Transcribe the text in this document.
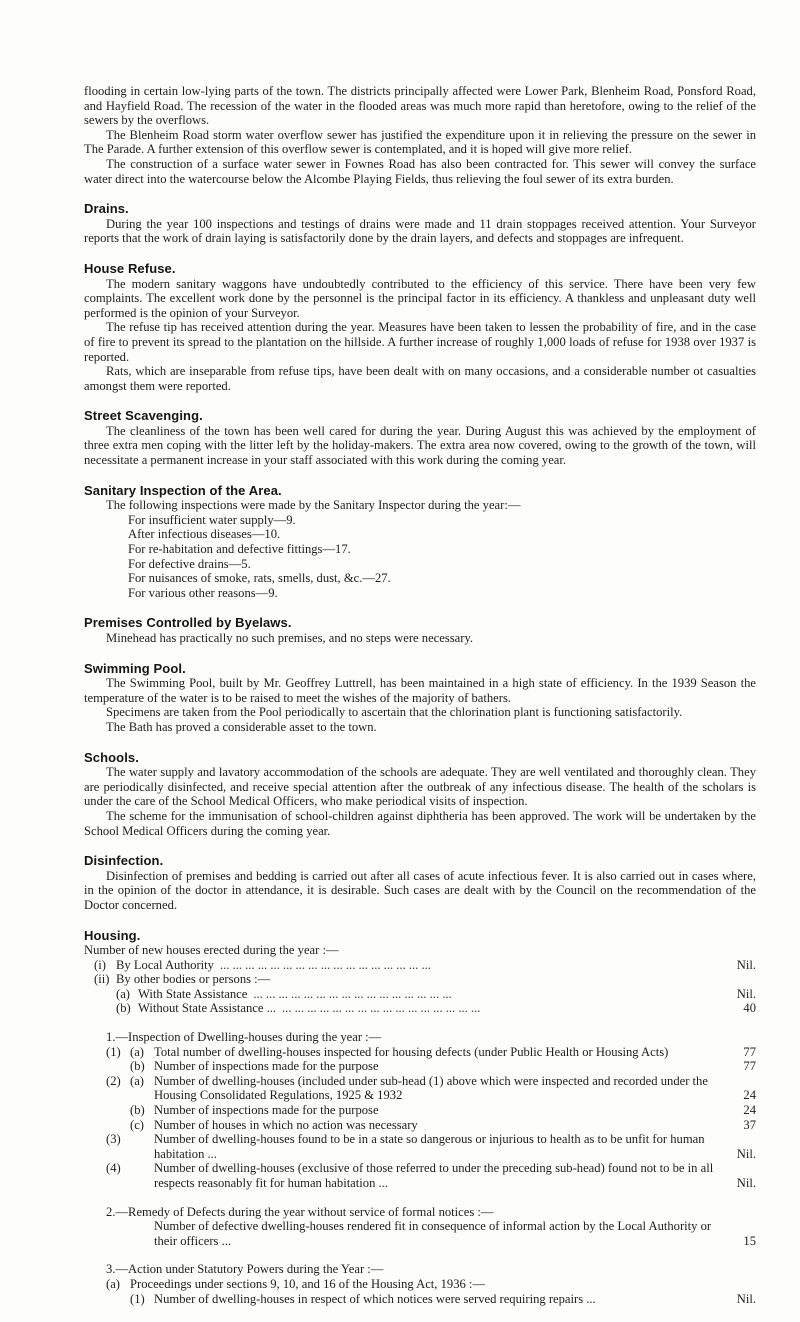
flooding in certain low-lying parts of the town. The districts principally affected were Lower Park, Blenheim Road, Ponsford Road, and Hayfield Road. The recession of the water in the flooded areas was much more rapid than heretofore, owing to the relief of the sewers by the overflows.

The Blenheim Road storm water overflow sewer has justified the expenditure upon it in relieving the pressure on the sewer in The Parade. A further extension of this overflow sewer is contemplated, and it is hoped will give more relief.

The construction of a surface water sewer in Fownes Road has also been contracted for. This sewer will convey the surface water direct into the watercourse below the Alcombe Playing Fields, thus relieving the foul sewer of its extra burden.

Drains.

During the year 100 inspections and testings of drains were made and 11 drain stoppages received attention. Your Surveyor reports that the work of drain laying is satisfactorily done by the drain layers, and defects and stoppages are infrequent.

House Refuse.

The modern sanitary waggons have undoubtedly contributed to the efficiency of this service. There have been very few complaints. The excellent work done by the personnel is the principal factor in its efficiency. A thankless and unpleasant duty well performed is the opinion of your Surveyor.

The refuse tip has received attention during the year. Measures have been taken to lessen the probability of fire, and in the case of fire to prevent its spread to the plantation on the hillside. A further increase of roughly 1,000 loads of refuse for 1938 over 1937 is reported.

Rats, which are inseparable from refuse tips, have been dealt with on many occasions, and a considerable number ot casualties amongst them were reported.

Street Scavenging.

The cleanliness of the town has been well cared for during the year. During August this was achieved by the employment of three extra men coping with the litter left by the holiday-makers. The extra area now covered, owing to the growth of the town, will necessitate a permanent increase in your staff associated with this work during the coming year.

Sanitary Inspection of the Area.

The following inspections were made by the Sanitary Inspector during the year:—

For insufficient water supply—9.
After infectious diseases—10.
For re-habitation and defective fittings—17.
For defective drains—5.
For nuisances of smoke, rats, smells, dust, &c.—27.
For various other reasons—9.
Premises Controlled by Byelaws.

Minehead has practically no such premises, and no steps were necessary.

Swimming Pool.

The Swimming Pool, built by Mr. Geoffrey Luttrell, has been maintained in a high state of efficiency. In the 1939 Season the temperature of the water is to be raised to meet the wishes of the majority of bathers.

Specimens are taken from the Pool periodically to ascertain that the chlorination plant is functioning satisfactorily.

The Bath has proved a considerable asset to the town.

Schools.

The water supply and lavatory accommodation of the schools are adequate. They are well ventilated and thoroughly clean. They are periodically disinfected, and receive special attention after the outbreak of any infectious disease. The health of the scholars is under the care of the School Medical Officers, who make periodical visits of inspection.

The scheme for the immunisation of school-children against diphtheria has been approved. The work will be undertaken by the School Medical Officers during the coming year.

Disinfection.

Disinfection of premises and bedding is carried out after all cases of acute infectious fever. It is also carried out in cases where, in the opinion of the doctor in attendance, it is desirable. Such cases are dealt with by the Council on the recommendation of the Doctor concerned.

Housing.
Number of new houses erected during the year :—
(i) By Local Authority ... ... ... ... ... ... ... ... ... ... ... ... ... ... ... ... ...	Nil.
(ii) By other bodies or persons :—
(a) With State Assistance ... ... ... ... ... ... ... ... ... ... ... ... ... ... ... ...	Nil.
(b) Without State Assistance ... ... ... ... ... ... ... ... ... ... ... ... ... ... ... ... ...	40
1.—Inspection of Dwelling-houses during the year :—
(1) (a) Total number of dwelling-houses inspected for housing defects (under Public Health or Housing Acts)	77
(b) Number of inspections made for the purpose	77
(2) (a) Number of dwelling-houses (included under sub-head (1) above which were inspected and recorded under the Housing Consolidated Regulations, 1925 & 1932	24
(b) Number of inspections made for the purpose	24
(c) Number of houses in which no action was necessary	37
(3)	Number of dwelling-houses found to be in a state so dangerous or injurious to health as to be unfit for human habitation ...	Nil.
(4)	Number of dwelling-houses (exclusive of those referred to under the preceding sub-head) found not to be in all respects reasonably fit for human habitation ...	Nil.
2.—Remedy of Defects during the year without service of formal notices :—
Number of defective dwelling-houses rendered fit in consequence of informal action by the Local Authority or their officers ...	15
3.—Action under Statutory Powers during the Year :—
(a) Proceedings under sections 9, 10, and 16 of the Housing Act, 1936 :—
(1) Number of dwelling-houses in respect of which notices were served requiring repairs ...	Nil.
